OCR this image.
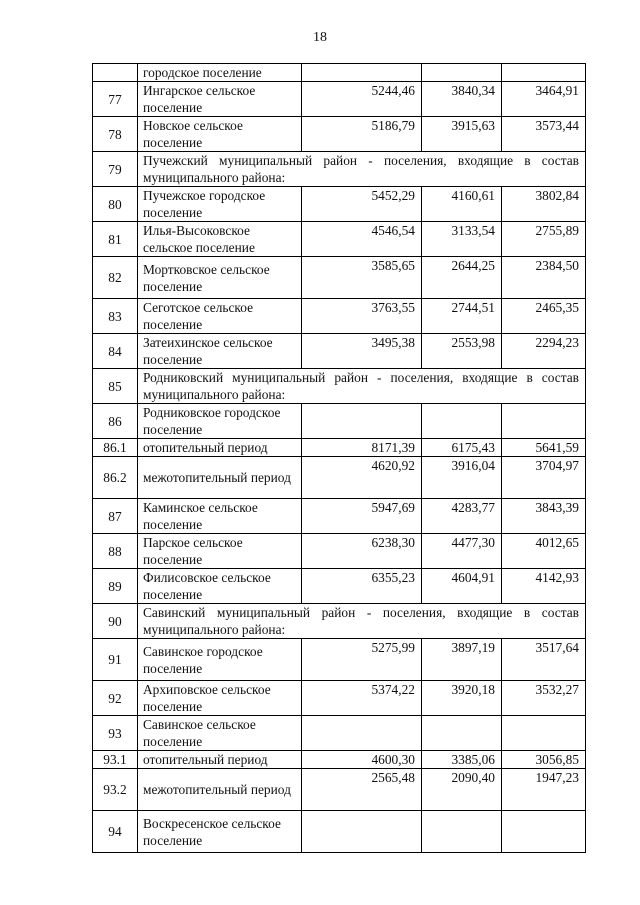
18
	городское поселение			
77	Ингарское сельское поселение	5244,46	3840,34	3464,91
78	Новское сельское поселение	5186,79	3915,63	3573,44
79	Пучежский муниципальный район - поселения, входящие в состав муниципального района:			
80	Пучежское городское поселение	5452,29	4160,61	3802,84
81	Илья-Высоковское сельское поселение	4546,54	3133,54	2755,89
82	Мортковское сельское поселение	3585,65	2644,25	2384,50
83	Сеготское сельское поселение	3763,55	2744,51	2465,35
84	Затеихинское сельское поселение	3495,38	2553,98	2294,23
85	Родниковский муниципальный район - поселения, входящие в состав муниципального района:			
86	Родниковское городское поселение			
86.1	отопительный период	8171,39	6175,43	5641,59
86.2	межотопительный период	4620,92	3916,04	3704,97
87	Каминское сельское поселение	5947,69	4283,77	3843,39
88	Парское сельское поселение	6238,30	4477,30	4012,65
89	Филисовское сельское поселение	6355,23	4604,91	4142,93
90	Савинский муниципальный район - поселения, входящие в состав муниципального района:			
91	Савинское городское поселение	5275,99	3897,19	3517,64
92	Архиповское сельское поселение	5374,22	3920,18	3532,27
93	Савинское сельское поселение			
93.1	отопительный период	4600,30	3385,06	3056,85
93.2	межотопительный период	2565,48	2090,40	1947,23
94	Воскресенское сельское поселение			
